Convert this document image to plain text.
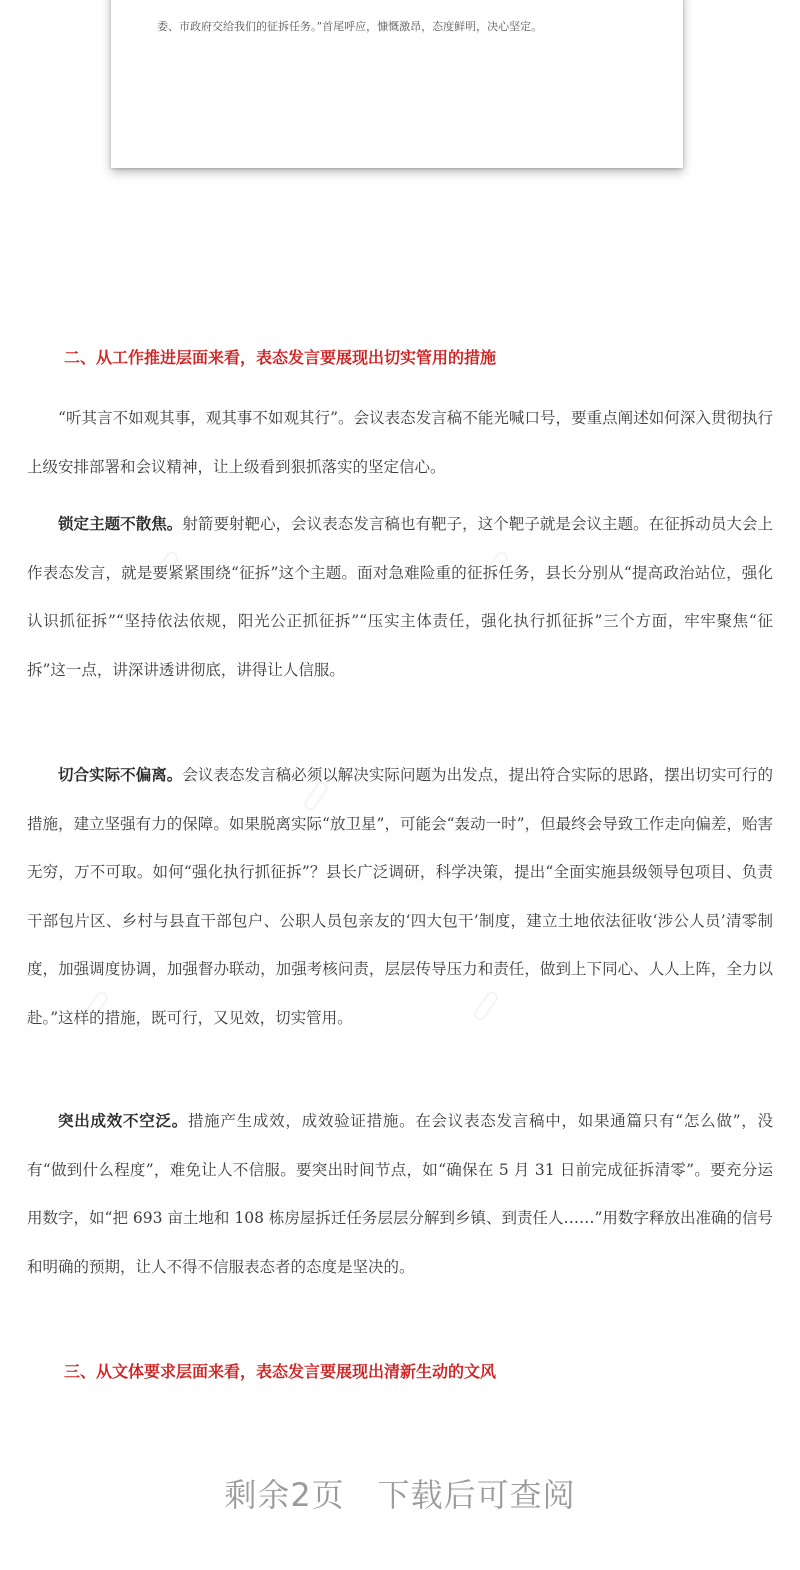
委、市政府交给我们的征拆任务。”首尾呼应，慷慨激昂，态度鲜明，决心坚定。
二、从工作推进层面来看，表态发言要展现出切实管用的措施

“听其言不如观其事，观其事不如观其行”。会议表态发言稿不能光喊口号，要重点阐述如何深入贯彻执行上级安排部署和会议精神，让上级看到狠抓落实的坚定信心。

锁定主题不散焦。射箭要射靶心，会议表态发言稿也有靶子，这个靶子就是会议主题。在征拆动员大会上作表态发言，就是要紧紧围绕“征拆”这个主题。面对急难险重的征拆任务，县长分别从“提高政治站位，强化认识抓征拆”“坚持依法依规，阳光公正抓征拆”“压实主体责任，强化执行抓征拆”三个方面，牢牢聚焦“征拆”这一点，讲深讲透讲彻底，讲得让人信服。

切合实际不偏离。会议表态发言稿必须以解决实际问题为出发点，提出符合实际的思路，摆出切实可行的措施，建立坚强有力的保障。如果脱离实际“放卫星”，可能会“轰动一时”，但最终会导致工作走向偏差，贻害无穷，万不可取。如何“强化执行抓征拆”？县长广泛调研，科学决策，提出“全面实施县级领导包项目、负责干部包片区、乡村与县直干部包户、公职人员包亲友的‘四大包干’制度，建立土地依法征收‘涉公人员’清零制度，加强调度协调，加强督办联动，加强考核问责，层层传导压力和责任，做到上下同心、人人上阵，全力以赴。”这样的措施，既可行，又见效，切实管用。

突出成效不空泛。措施产生成效，成效验证措施。在会议表态发言稿中，如果通篇只有“怎么做”，没有“做到什么程度”，难免让人不信服。要突出时间节点，如“确保在 5 月 31 日前完成征拆清零”。要充分运用数字，如“把 693 亩土地和 108 栋房屋拆迁任务层层分解到乡镇、到责任人……”用数字释放出准确的信号和明确的预期，让人不得不信服表态者的态度是坚决的。

三、从文体要求层面来看，表态发言要展现出清新生动的文风
剩余2页　下载后可查阅
